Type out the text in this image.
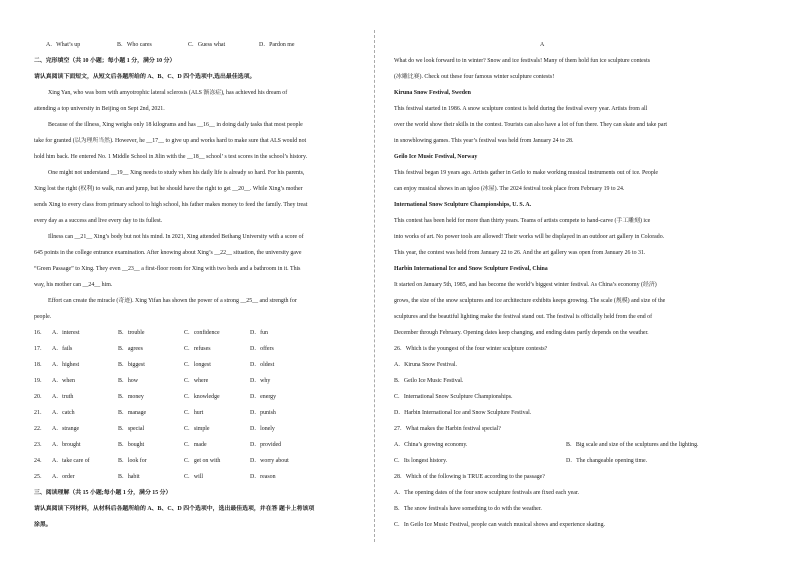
A．What’s up	B．Who cares	C．Guess what	D．Pardon me
二、完形填空（共 10 小题；每小题 1 分，满分 10 分）
请认真阅读下面短文，从短文后各题所给的 A、B、C、D 四个选项中,选出最佳选项。
Xing Yan, who was born with amyotrophic lateral sclerosis (ALS 渐冻症), has achieved his dream of
attending a top university in Beijing on Sept 2nd, 2021.
Because of the illness, Xing weighs only 18 kilograms and has __16__ in doing daily tasks that most people
take for granted (以为理所当然). However, he __17__ to give up and works hard to make sure that ALS would not
hold him back. He entered No. 1 Middle School in Jilin with the __18__ school’ s test scores in the school’s history.
One might not understand __19__ Xing needs to study when his daily life is already so hard. For his parents,
Xing lost the right (权利) to walk, run and jump, but he should have the right to get __20__. While Xing’s mother
sends Xing to every class from primary school to high school, his father makes money to feed the family. They treat
every day as a success and live every day to its fullest.
Illness can __21__ Xing’s body but not his mind. In 2021, Xing attended Beihang University with a score of
645 points in the college entrance examination. After knowing about Xing’s __22__ situation, the university gave
“Green Passage” to Xing. They even __23__ a first-floor room for Xing with two beds and a bathroom in it. This
way, his mother can __24__ him.
Effort can create the miracle (奇迹). Xing Yifan has shown the power of a strong __25__ and strength for
people.
16． A．interest	B．trouble	C．confidence	D．fun
17． A．fails	B．agrees	C．refuses	D．offers
18． A．highest	B．biggest	C．longest	D．oldest
19． A．when	B．how	C．where	D．why
20． A．truth	B．money	C．knowledge	D．energy
21． A．catch	B．manage	C．hurt	D．punish
22． A．strange	B．special	C．simple	D．lonely
23． A．brought	B．bought	C．made	D．provided
24． A．take care of	B．look for	C．get on with	D．worry about
25． A．order	B．habit	C．will	D．reason
三、阅读理解（共 15 小题;每小题 1 分，满分 15 分）
请认真阅读下列材料，从材料后各题所给的 A、B、C、D 四个选项中，选出最佳选项，并在答 题卡上将该项
涂黑。
A
What do we look forward to in winter? Snow and ice festivals! Many of them hold fun ice sculpture contests
(冰雕比赛). Check out these four famous winter sculpture contests!
Kiruna Snow Festival, Sweden
This festival started in 1986. A snow sculpture contest is held during the festival every year. Artists from all
over the world show their skills in the contest. Tourists can also have a lot of fun there. They can skate and take part
in snowblowing games. This year’s festival was held from January 24 to 28.
Geilo Ice Music Festival, Norway
This festival began 19 years ago. Artists gather in Geilo to make working musical instruments out of ice. People
can enjoy musical shows in an igloo (冰屋). The 2024 festival took place from February 19 to 24.
International Snow Sculpture Championships, U. S. A.
This contest has been held for more than thirty years. Teams of artists compete to hand-carve (手工雕刻) ice
into works of art. No power tools are allowed! Their works will be displayed in an outdoor art gallery in Colorado.
This year, the contest was held from January 22 to 26. And the art gallery was open from January 26 to 31.
Harbin International Ice and Snow Sculpture Festival, China
It started on January 5th, 1985, and has become the world’s biggest winter festival. As China’s economy (经济)
grows, the size of the snow sculptures and ice architecture exhibits keeps growing. The scale (规模) and size of the
sculptures and the beautiful lighting make the festival stand out. The festival is officially held from the end of
December through February. Opening dates keep changing, and ending dates partly depends on the weather.
26．Which is the youngest of the four winter sculpture contests?
A．Kiruna Snow Festival.
B．Geilo Ice Music Festival.
C．International Snow Sculpture Championships.
D．Harbin International Ice and Snow Sculpture Festival.
27．What makes the Harbin festival special?
A．China’s growing economy.	B．Big scale and size of the sculptures and the lighting.
C．Its longest history.	D．The changeable opening time.
28．Which of the following is TRUE according to the passage?
A．The opening dates of the four snow sculpture festivals are fixed each year.
B．The snow festivals have something to do with the weather.
C．In Geilo Ice Music Festival, people can watch musical shows and experience skating.
